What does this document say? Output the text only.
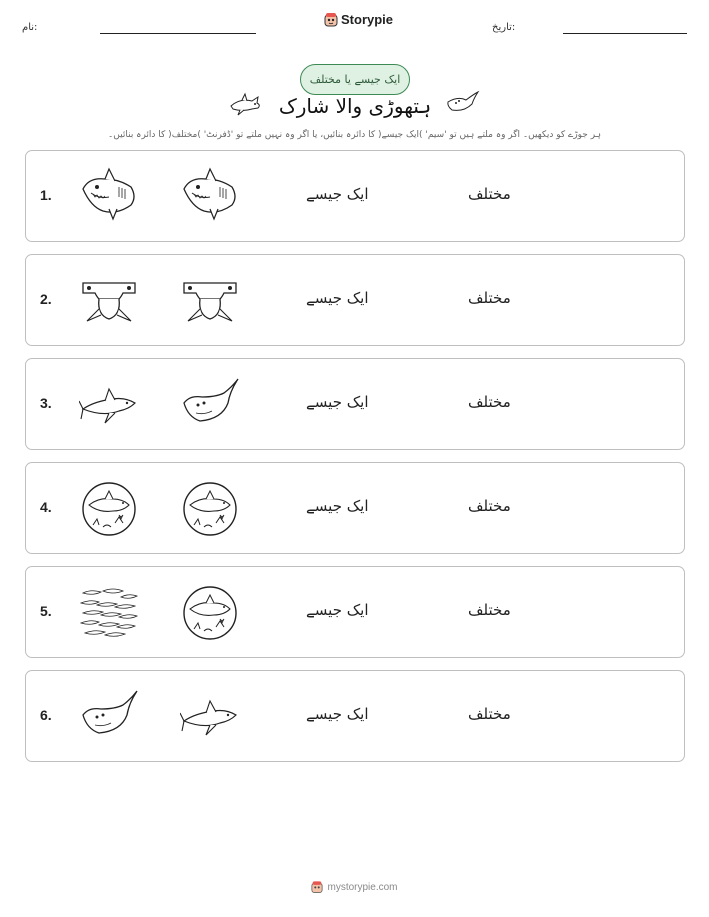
نام:
Storypie
تاریخ:
ایک جیسے یا مختلف
ہتھوڑی والا شارک
ہر جوڑے کو دیکھیں۔ اگر وہ ملتے ہیں تو 'سیم' )ایک جیسے( کا دائرہ بنائیں، یا اگر وہ نہیں ملتے تو 'ڈفرنٹ' )مختلف( کا دائرہ بنائیں۔
1.	ایک جیسے	مختلف
2.	ایک جیسے	مختلف
3.	ایک جیسے	مختلف
4.	ایک جیسے	مختلف
5.	ایک جیسے	مختلف
6.	ایک جیسے	مختلف
mystorypie.com
